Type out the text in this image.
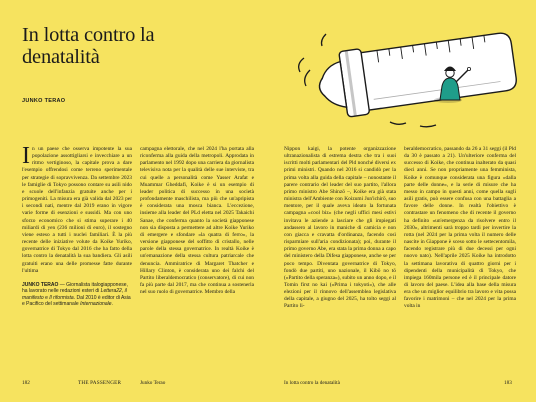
In lotta contro la denatalità
JUNKO TERAO

In un paese che osserva impotente la sua popolazione assottigliarsi e invecchiare a un ritmo vertiginoso, la capitale prova a dare l'esempio offrendosi come terreno sperimentale per strategie di sopravvivenza. Da settembre 2023 le famiglie di Tokyo possono contare su asili nido e scuole dell'infanzia gratuite anche per i primogeniti. La misura era già valida dal 2023 per i secondi nati, mentre dal 2019 erano in vigore varie forme di esenzioni e sussidi. Ma con uno sforzo economico che si stima superare i 40 miliardi di yen (236 milioni di euro), il sostegno viene esteso a tutti i nuclei familiari. È la più recente delle iniziative volute da Koike Yuriko, governatrice di Tokyo dal 2016 che ha fatto della lotta contro la denatalità la sua bandiera. Gli asili gratuiti erano una delle promesse fatte durante l'ultima

JUNKO TERAO — Giornalista italogiapponese, ha lavorato nelle redazioni esteri di Lettera22, il manifesto e Il riformista. Dal 2010 è editor di Asia e Pacifico del settimanale Internazionale.

campagna elettorale, che nel 2024 l'ha portata alla riconferma alla guida della metropoli. Approdata in parlamento nel 1992 dopo una carriera da giornalista televisiva nota per la qualità delle sue interviste, tra cui quelle a personalità come Yasser Arafat e Muammar Gheddafi, Koike è si un esempio di leader politica di successo in una società profondamente maschilista, ma più che un'apripista è considerata una mosca bianca. L'eccezione, insieme alla leader del PLd eletta nel 2025 Takaichi Sanae, che conferma quanto la società giapponese non sia disposta a permettere ad altre Koike Yuriko di emergere e sfondare «la quatra di ferro», la versione giapponese del soffitto di cristallo, nelle parole della stessa governatrice. In realtà Koike è un'emanazione della stessa cultura patriarcale che denuncia. Ammiratrice di Margaret Thatcher e Hillary Clinton, è considerata uno dei falchi del Partito liberaldemocratico (conservatore), di cui non fa più parte dal 2017, ma che continua a sostenerla nel suo ruolo di governatrice. Membro della

Nippon kaigi, la potente organizzazione ultranazionalista di estrema destra che tra i suoi iscritti molti parlamentari del Pld nonché diversi ex primi ministri. Quando nel 2016 si candidò per la prima volta alla guida della capitale – nonostante il parere contrario del leader del suo partito, l'allora primo ministro Abe Shinzō –, Koike era già stata ministra dell'Ambiente con Koizumi Jun'ichirō, suo mentore, per il quale aveva ideato la fortunata campagna «cool biz» (che negli uffici mesi estivi invitava le aziende a lasciare che gli impiegati andassero al lavoro in maniche di camicia e non con giacca e cravatta d'ordinanza, facendo così risparmiare sull'aria condizionata); poi, durante il primo governo Abe, era stata la prima donna a capo del ministero della Difesa giapponese, anche se per poco tempo. Diventata governatrice di Tokyo, fondò due partiti, uno nazionale, il Kibō no tō («Partito della speranza»), subito un anno dopo, e il Tomin first no kai («Prima i tokyoti»), che alle elezioni per il rinnovo dell'assemblea legislativa della capitale, a giugno del 2025, ha tolto seggi al Partito li-

beraldemocratico, passando da 26 a 31 seggi (il Pld da 30 è passato a 21). Un'ulteriore conferma del successo di Koike, che continua inalterato da quasi dieci anni. Se non propriamente una femminista, Koike è comunque considerata una figura «dalla parte delle donne», e la serie di misure che ha messo in campo in questi anni, come quella sugli asili gratis, può essere confusa con una battaglia a favore delle donne. In realtà l'obiettivo è contrastare un fenomeno che di recente il governo ha definito «un'emergenza da risolvere entro il 2030», altrimenti sarà troppo tardi per invertire la rotta (nel 2024 per la prima volta il numero delle nascite in Giappone è sceso sotto le settecentomila, facendo registrare più di due decessi per ogni nuovo nato). Nell'aprile 2025 Koike ha introdotto la settimana lavorativa di quattro giorni per i dipendenti della municipalità di Tokyo, che impiega 160mila persone ed è il principale datore di lavoro del paese. L'idea alla base della misura era che un miglior equilibrio tra lavoro e vita possa favorire i matrimoni – che nel 2024 per la prima volta in

182	THE PASSENGER	Junko Terao	In lotta contro la denatalità	183
